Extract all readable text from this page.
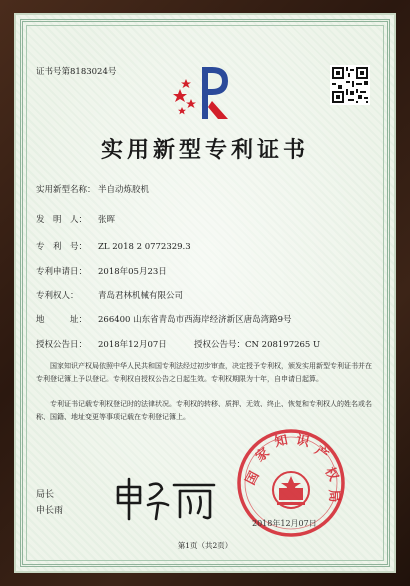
证书号第8183024号
实用新型专利证书
实用新型名称： 半自动炼胶机
发　明　人： 张晖
专　利　号： ZL 2018 2 0772329.3
专利申请日： 2018年05月23日
专利权人： 青岛君林机械有限公司
地　　　址： 266400 山东省青岛市西海岸经济新区唐岛湾路9号
授权公告日： 2018年12月07日	授权公告号：CN 208197265 U
国家知识产权局依照中华人民共和国专利法经过初步审查，决定授予专利权，颁发实用新型专利证书并在专利登记簿上予以登记。专利权自授权公告之日起生效。专利权期限为十年，自申请日起算。
专利证书记载专利权登记时的法律状况。专利权的转移、质押、无效、终止、恢复和专利权人的姓名或名称、国籍、地址变更等事项记载在专利登记簿上。
局长
申长雨
国
家
知 识
产
权
局
2018年12月07日
第1页（共2页）
